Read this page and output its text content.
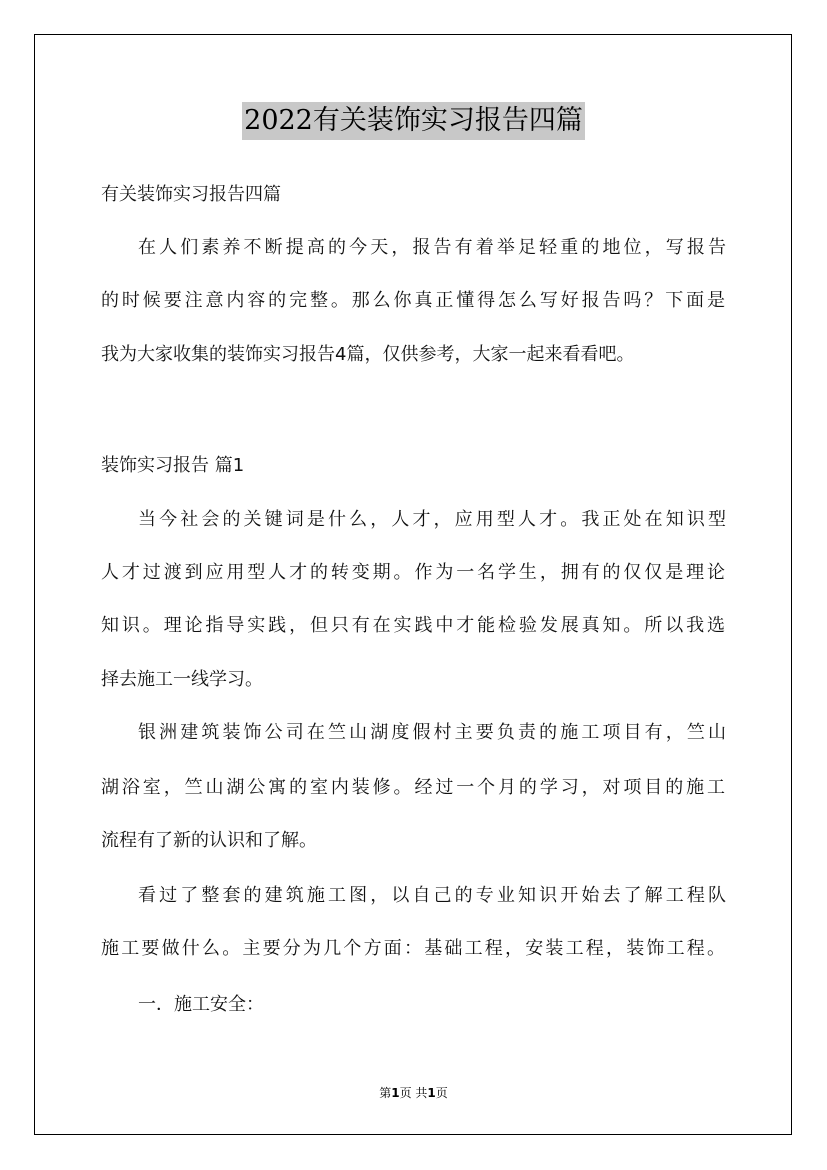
2022有关装饰实习报告四篇
有关装饰实习报告四篇
在人们素养不断提高的今天，报告有着举足轻重的地位，写报告
的时候要注意内容的完整。那么你真正懂得怎么写好报告吗？下面是
我为大家收集的装饰实习报告4篇，仅供参考，大家一起来看看吧。
装饰实习报告 篇1
当今社会的关键词是什么，人才，应用型人才。我正处在知识型
人才过渡到应用型人才的转变期。作为一名学生，拥有的仅仅是理论
知识。理论指导实践，但只有在实践中才能检验发展真知。所以我选
择去施工一线学习。
银洲建筑装饰公司在竺山湖度假村主要负责的施工项目有，竺山
湖浴室，竺山湖公寓的室内装修。经过一个月的学习，对项目的施工
流程有了新的认识和了解。
看过了整套的建筑施工图，以自己的专业知识开始去了解工程队
施工要做什么。主要分为几个方面：基础工程，安装工程，装饰工程。
一．施工安全：
第1页 共1页
